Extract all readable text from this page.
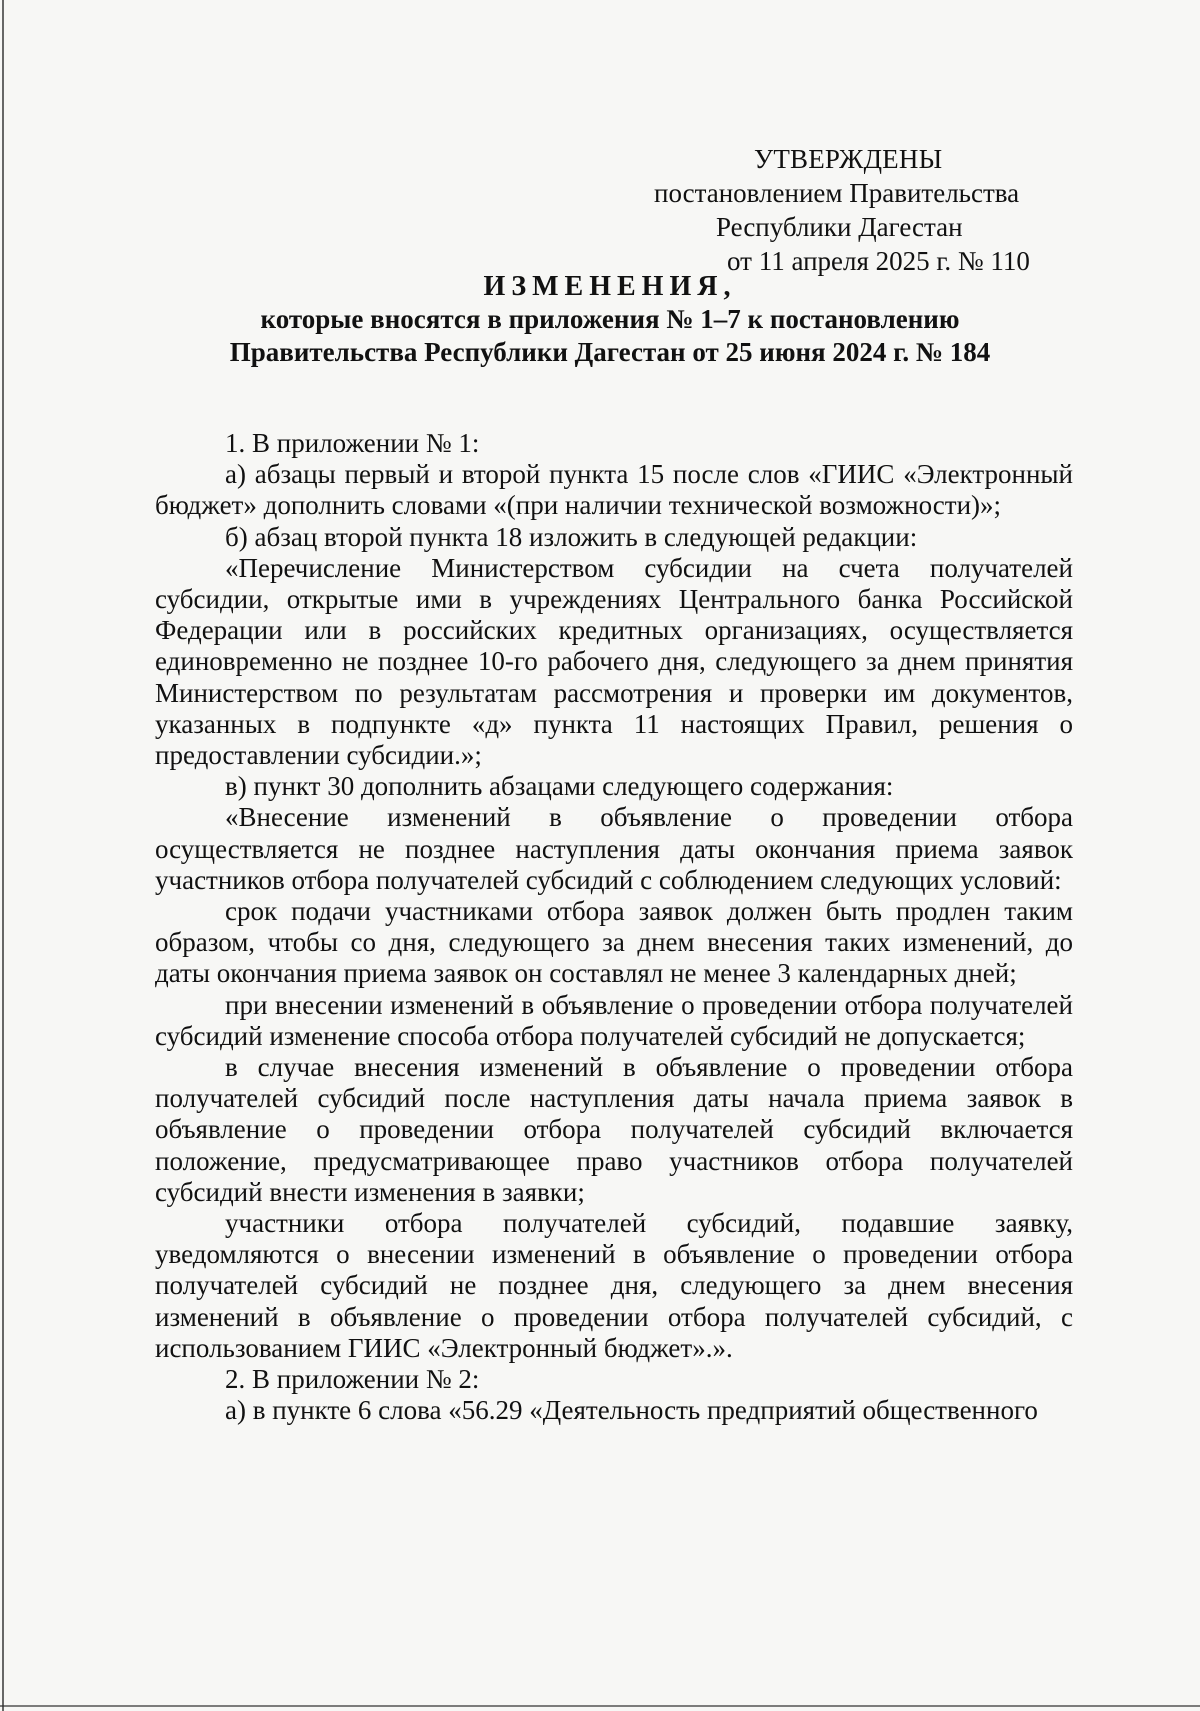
УТВЕРЖДЕНЫ
постановлением Правительства
Республики Дагестан
от 11 апреля 2025 г. № 110
ИЗМЕНЕНИЯ,
которые вносятся в приложения № 1–7 к постановлению
Правительства Республики Дагестан от 25 июня 2024 г. № 184

1. В приложении № 1:

а) абзацы первый и второй пункта 15 после слов «ГИИС «Электронный бюджет» дополнить словами «(при наличии технической возможности)»;

б) абзац второй пункта 18 изложить в следующей редакции:

«Перечисление Министерством субсидии на счета получателей субсидии, открытые ими в учреждениях Центрального банка Российской Федерации или в российских кредитных организациях, осуществляется единовременно не позднее 10-го рабочего дня, следующего за днем принятия Министерством по результатам рассмотрения и проверки им документов, указанных в подпункте «д» пункта 11 настоящих Правил, решения о предоставлении субсидии.»;

в) пункт 30 дополнить абзацами следующего содержания:

«Внесение изменений в объявление о проведении отбора осуществляется не позднее наступления даты окончания приема заявок участников отбора получателей субсидий с соблюдением следующих условий:

срок подачи участниками отбора заявок должен быть продлен таким образом, чтобы со дня, следующего за днем внесения таких изменений, до даты окончания приема заявок он составлял не менее 3 календарных дней;

при внесении изменений в объявление о проведении отбора получателей субсидий изменение способа отбора получателей субсидий не допускается;

в случае внесения изменений в объявление о проведении отбора получателей субсидий после наступления даты начала приема заявок в объявление о проведении отбора получателей субсидий включается положение, предусматривающее право участников отбора получателей субсидий внести изменения в заявки;

участники отбора получателей субсидий, подавшие заявку, уведомляются о внесении изменений в объявление о проведении отбора получателей субсидий не позднее дня, следующего за днем внесения изменений в объявление о проведении отбора получателей субсидий, с использованием ГИИС «Электронный бюджет».».

2. В приложении № 2:

а) в пункте 6 слова «56.29 «Деятельность предприятий общественного
